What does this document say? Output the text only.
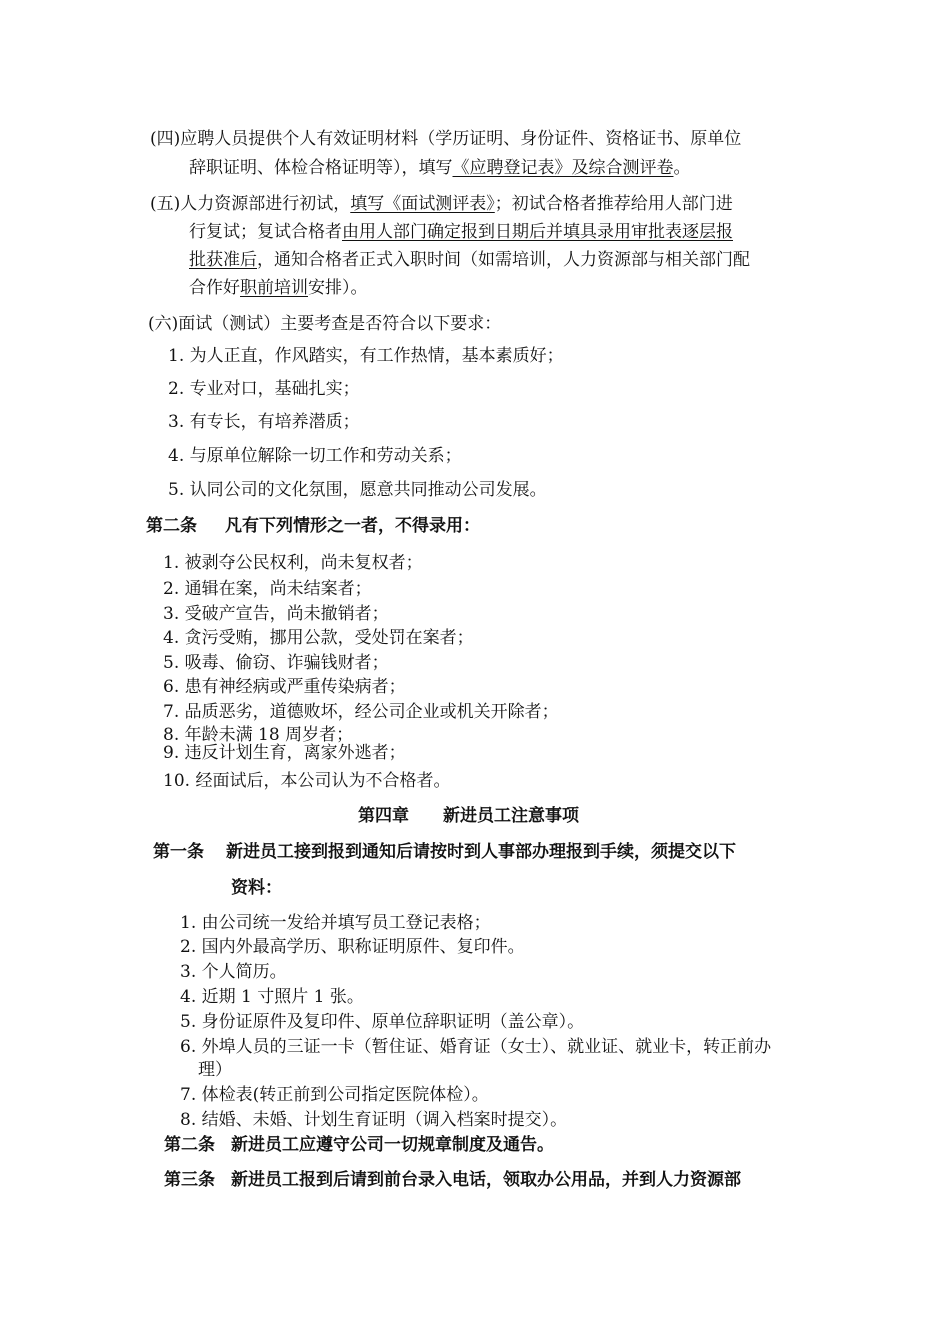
(四)应聘人员提供个人有效证明材料（学历证明、身份证件、资格证书、原单位
辞职证明、体检合格证明等），填写《应聘登记表》及综合测评卷。
(五)人力资源部进行初试，填写《面试测评表》；初试合格者推荐给用人部门进
行复试；复试合格者由用人部门确定报到日期后并填具录用审批表逐层报
批获准后，通知合格者正式入职时间（如需培训，人力资源部与相关部门配
合作好职前培训安排）。
(六)面试（测试）主要考查是否符合以下要求：
1. 为人正直，作风踏实，有工作热情，基本素质好；
2. 专业对口，基础扎实；
3. 有专长，有培养潜质；
4. 与原单位解除一切工作和劳动关系；
5. 认同公司的文化氛围，愿意共同推动公司发展。
第二条 凡有下列情形之一者，不得录用：
1. 被剥夺公民权利，尚未复权者；
2. 通辑在案，尚未结案者；
3. 受破产宣告，尚未撤销者；
4. 贪污受贿，挪用公款，受处罚在案者；
5. 吸毒、偷窃、诈骗钱财者；
6. 患有神经病或严重传染病者；
7. 品质恶劣，道德败坏，经公司企业或机关开除者；
8. 年龄未满 18 周岁者；
9. 违反计划生育，离家外逃者；
10. 经面试后，本公司认为不合格者。
第四章 新进员工注意事项
第一条 新进员工接到报到通知后请按时到人事部办理报到手续，须提交以下
资料：
1. 由公司统一发给并填写员工登记表格；
2. 国内外最高学历、职称证明原件、复印件。
3. 个人简历。
4. 近期 1 寸照片 1 张。
5. 身份证原件及复印件、原单位辞职证明（盖公章）。
6. 外埠人员的三证一卡（暂住证、婚育证（女士）、就业证、就业卡，转正前办
理）
7. 体检表(转正前到公司指定医院体检）。
8. 结婚、未婚、计划生育证明（调入档案时提交）。
第二条 新进员工应遵守公司一切规章制度及通告。
第三条 新进员工报到后请到前台录入电话，领取办公用品，并到人力资源部
